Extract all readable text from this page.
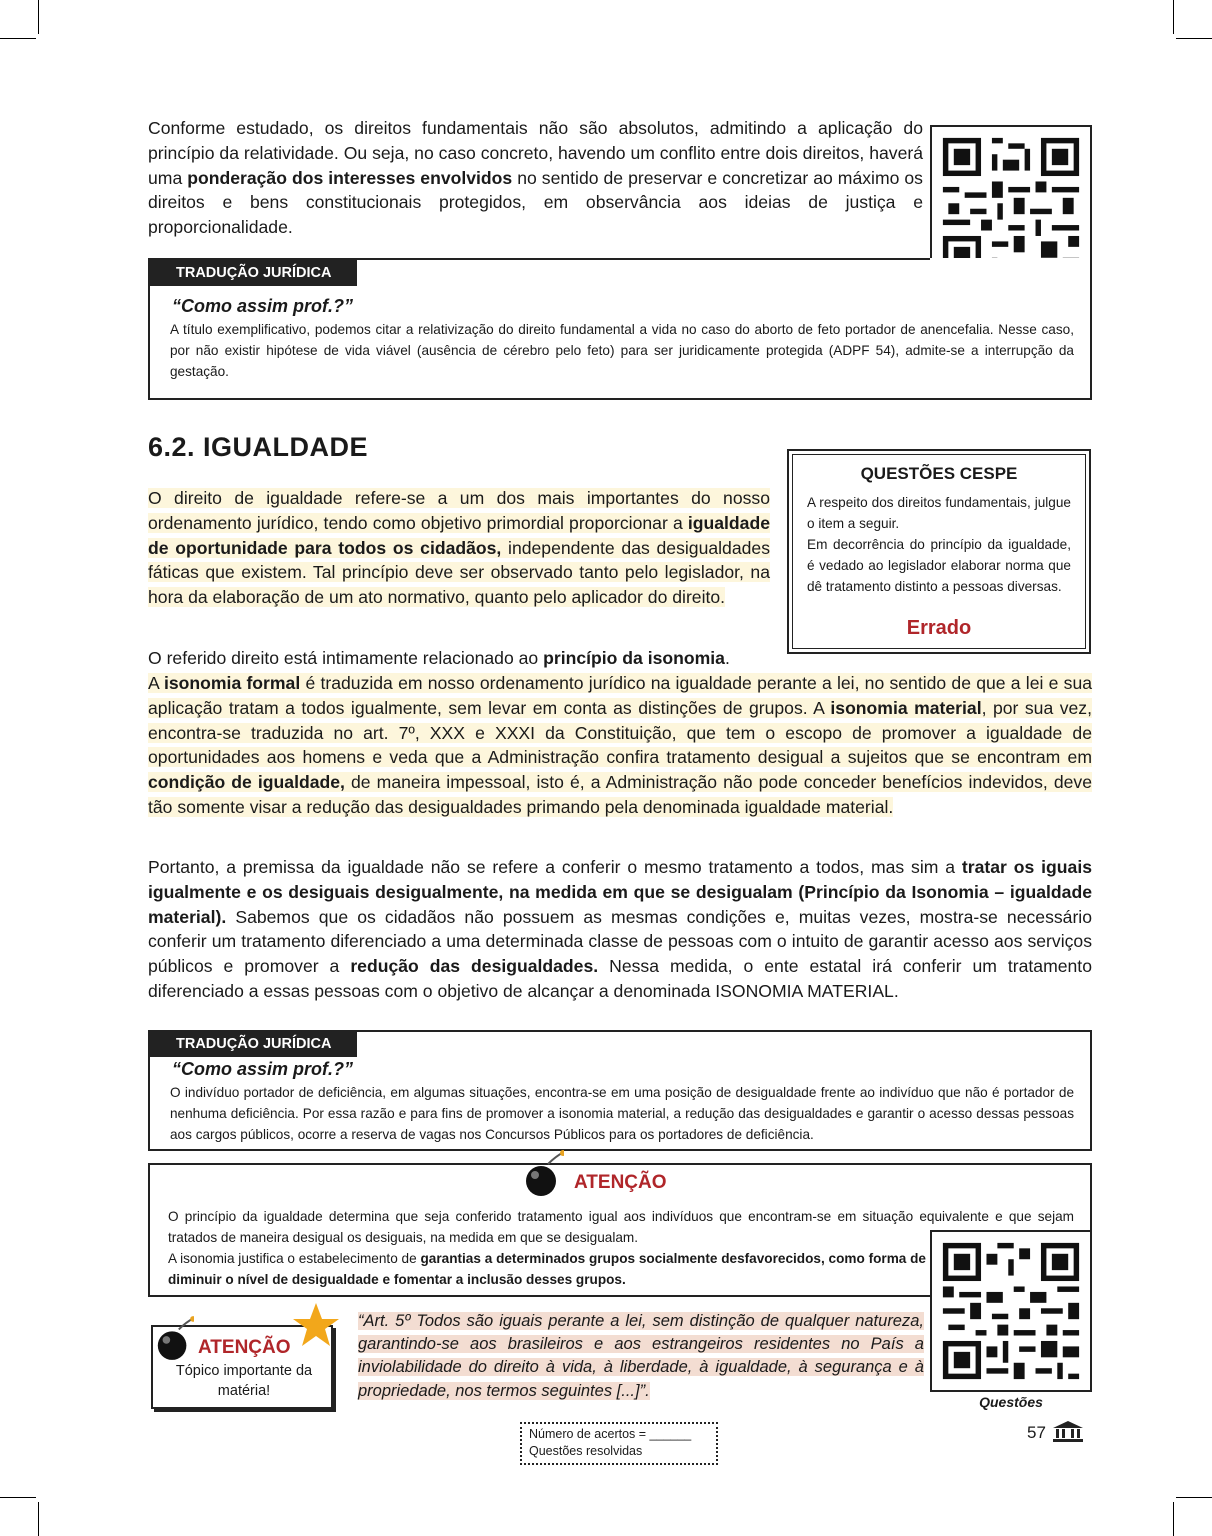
Conforme estudado, os direitos fundamentais não são absolutos, admitindo a aplicação do princípio da relatividade. Ou seja, no caso concreto, havendo um conflito entre dois direitos, haverá uma ponderação dos interesses envolvidos no sentido de preservar e concretizar ao máximo os direitos e bens constitucionais protegidos, em observância aos ideias de justiça e proporcionalidade.

TRADUÇÃO JURÍDICA
“Como assim prof.?”

A título exemplificativo, podemos citar a relativização do direito fundamental a vida no caso do aborto de feto portador de anencefalia. Nesse caso, por não existir hipótese de vida viável (ausência de cérebro pelo feto) para ser juridicamente protegida (ADPF 54), admite-se a interrupção da gestação.

6.2. IGUALDADE
QUESTÕES CESPE

A respeito dos direitos fundamentais, julgue o item a seguir.

Em decorrência do princípio da igualdade, é vedado ao legislador elaborar norma que dê tratamento distinto a pessoas diversas.

Errado

O direito de igualdade refere-se a um dos mais importantes do nosso ordenamento jurídico, tendo como objetivo primordial proporcionar a igualdade de oportunidade para todos os cidadãos, independente das desigualdades fáticas que existem. Tal princípio deve ser observado tanto pelo legislador, na hora da elaboração de um ato normativo, quanto pelo aplicador do direito.

O referido direito está intimamente relacionado ao princípio da isonomia.

A isonomia formal é traduzida em nosso ordenamento jurídico na igualdade perante a lei, no sentido de que a lei e sua aplicação tratam a todos igualmente, sem levar em conta as distinções de grupos. A isonomia material, por sua vez, encontra-se traduzida no art. 7º, XXX e XXXI da Constituição, que tem o escopo de promover a igualdade de oportunidades aos homens e veda que a Administração confira tratamento desigual a sujeitos que se encontram em condição de igualdade, de maneira impessoal, isto é, a Administração não pode conceder benefícios indevidos, deve tão somente visar a redução das desigualdades primando pela denominada igualdade material.

Portanto, a premissa da igualdade não se refere a conferir o mesmo tratamento a todos, mas sim a tratar os iguais igualmente e os desiguais desigualmente, na medida em que se desigualam (Princípio da Isonomia – igualdade material). Sabemos que os cidadãos não possuem as mesmas condições e, muitas vezes, mostra-se necessário conferir um tratamento diferenciado a uma determinada classe de pessoas com o intuito de garantir acesso aos serviços públicos e promover a redução das desigualdades. Nessa medida, o ente estatal irá conferir um tratamento diferenciado a essas pessoas com o objetivo de alcançar a denominada ISONOMIA MATERIAL.

TRADUÇÃO JURÍDICA
“Como assim prof.?”

O indivíduo portador de deficiência, em algumas situações, encontra-se em uma posição de desigualdade frente ao indivíduo que não é portador de nenhuma deficiência. Por essa razão e para fins de promover a isonomia material, a redução das desigualdades e garantir o acesso dessas pessoas aos cargos públicos, ocorre a reserva de vagas nos Concursos Públicos para os portadores de deficiência.

ATENÇÃO

O princípio da igualdade determina que seja conferido tratamento igual aos indivíduos que encontram-se em situação equivalente e que sejam tratados de maneira desigual os desiguais, na medida em que se desigualam.

A isonomia justifica o estabelecimento de garantias a determinados grupos socialmente desfavorecidos, como forma de diminuir o nível de desigualdade e fomentar a inclusão desses grupos.

Questões
ATENÇÃO
Tópico importante da matéria!

“Art. 5º Todos são iguais perante a lei, sem distinção de qualquer natureza, garantindo-se aos brasileiros e aos estrangeiros residentes no País a inviolabilidade do direito à vida, à liberdade, à igualdade, à segurança e à propriedade, nos termos seguintes [...]”.

Número de acertos = ______
Questões resolvidas
57
